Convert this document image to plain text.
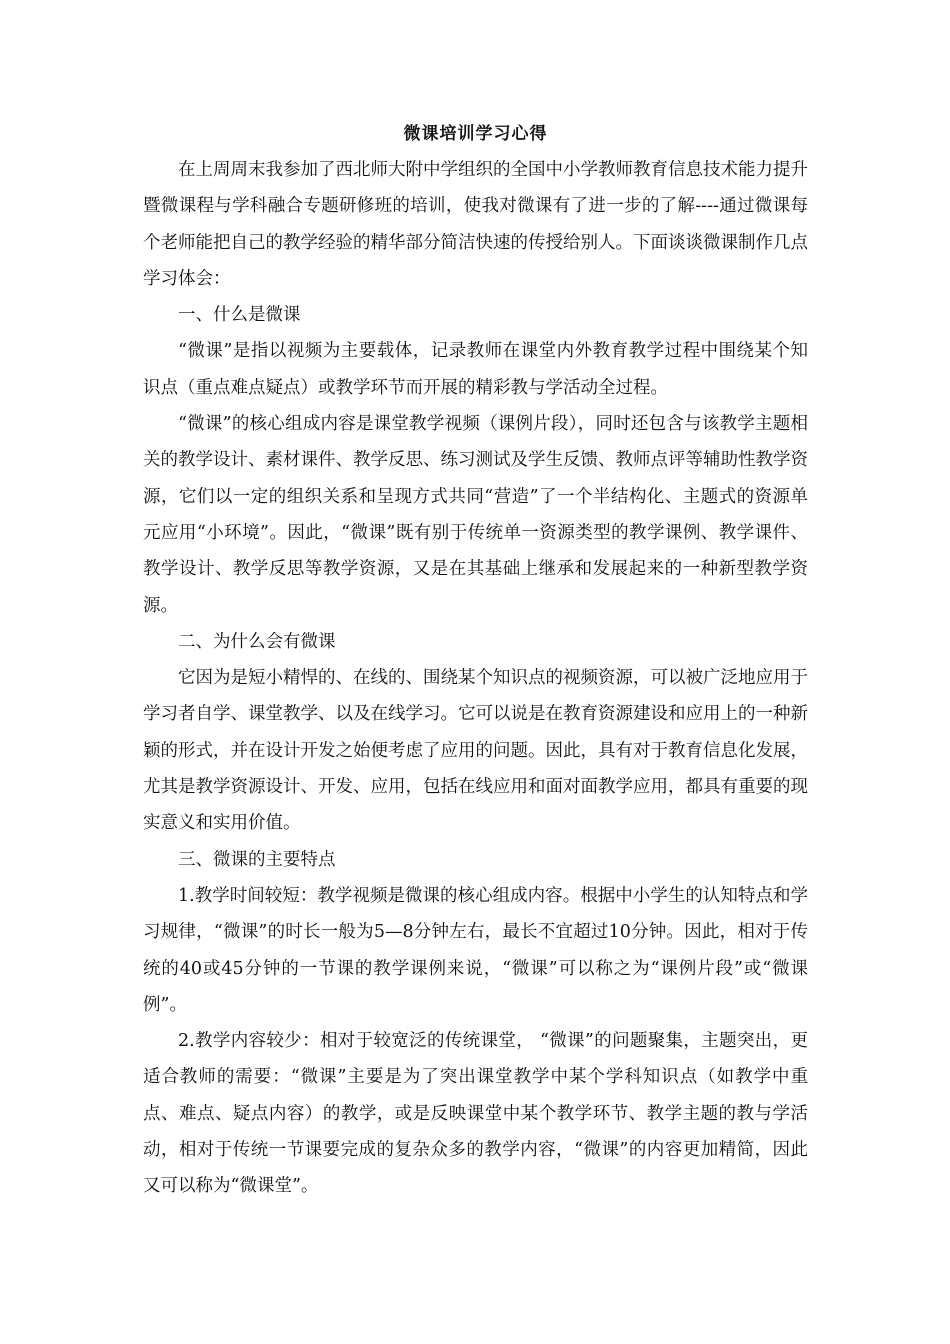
微课培训学习心得

在上周周末我参加了西北师大附中学组织的全国中小学教师教育信息技术能力提升暨微课程与学科融合专题研修班的培训，使我对微课有了进一步的了解----通过微课每个老师能把自己的教学经验的精华部分简洁快速的传授给别人。下面谈谈微课制作几点学习体会：

一、什么是微课

“微课”是指以视频为主要载体，记录教师在课堂内外教育教学过程中围绕某个知识点（重点难点疑点）或教学环节而开展的精彩教与学活动全过程。

“微课”的核心组成内容是课堂教学视频（课例片段），同时还包含与该教学主题相关的教学设计、素材课件、教学反思、练习测试及学生反馈、教师点评等辅助性教学资源，它们以一定的组织关系和呈现方式共同“营造”了一个半结构化、主题式的资源单元应用“小环境”。因此，“微课”既有别于传统单一资源类型的教学课例、教学课件、教学设计、教学反思等教学资源，又是在其基础上继承和发展起来的一种新型教学资源。

二、为什么会有微课

它因为是短小精悍的、在线的、围绕某个知识点的视频资源，可以被广泛地应用于学习者自学、课堂教学、以及在线学习。它可以说是在教育资源建设和应用上的一种新颖的形式，并在设计开发之始便考虑了应用的问题。因此，具有对于教育信息化发展，尤其是教学资源设计、开发、应用，包括在线应用和面对面教学应用，都具有重要的现实意义和实用价值。

三、微课的主要特点

1.教学时间较短：教学视频是微课的核心组成内容。根据中小学生的认知特点和学习规律，“微课”的时长一般为5—8分钟左右，最长不宜超过10分钟。因此，相对于传统的40或45分钟的一节课的教学课例来说，“微课”可以称之为“课例片段”或“微课例”。

2.教学内容较少：相对于较宽泛的传统课堂， “微课”的问题聚集，主题突出，更适合教师的需要：“微课”主要是为了突出课堂教学中某个学科知识点（如教学中重点、难点、疑点内容）的教学，或是反映课堂中某个教学环节、教学主题的教与学活动，相对于传统一节课要完成的复杂众多的教学内容，“微课”的内容更加精简，因此又可以称为“微课堂”。
